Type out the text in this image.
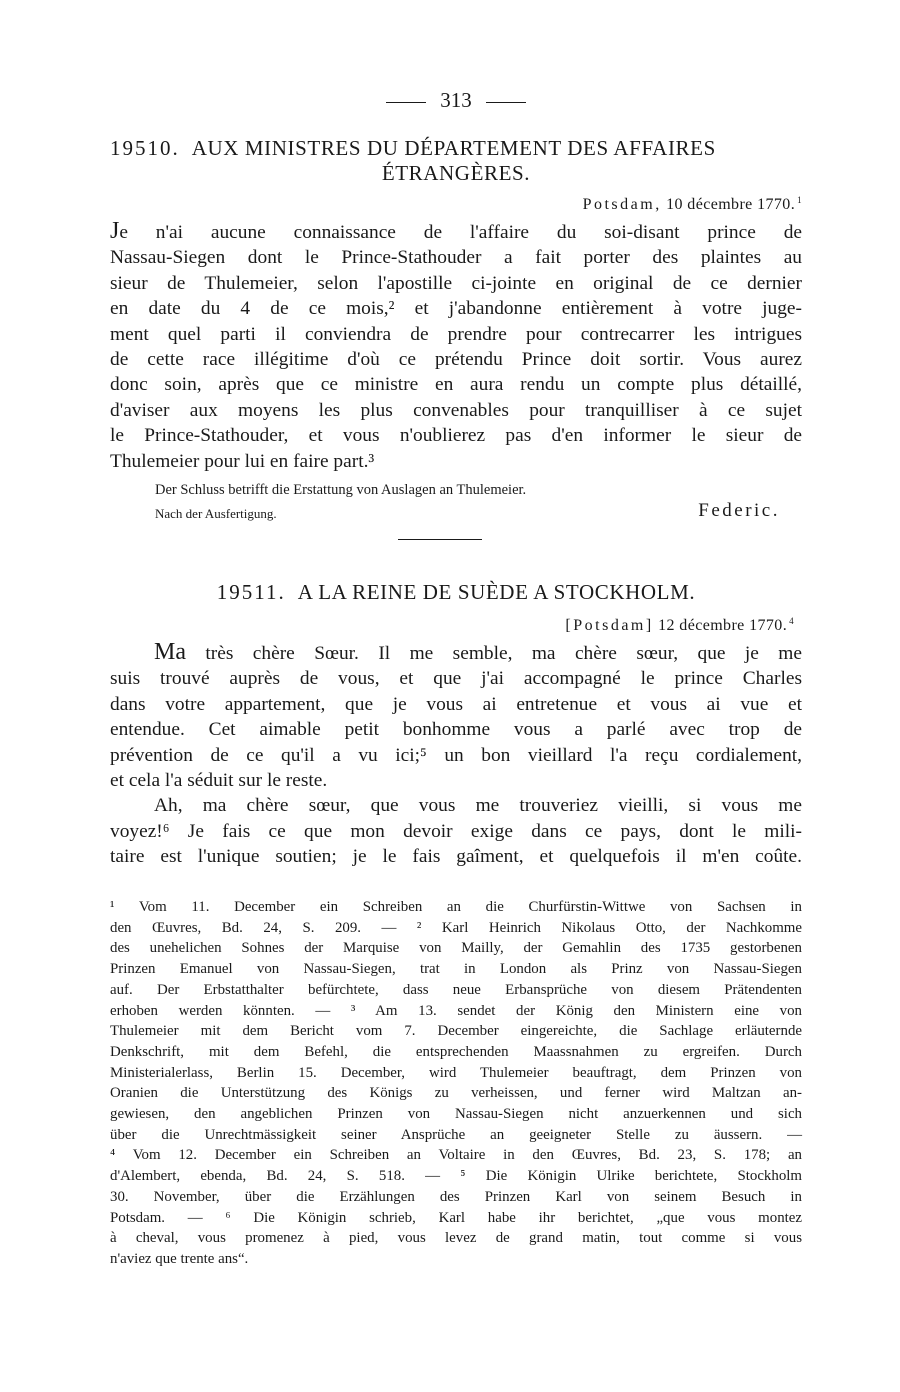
313
19510. AUX MINISTRES DU DÉPARTEMENT DES AFFAIRES
ÉTRANGÈRES.
Potsdam, 10 décembre 1770. $^1$
Je n'ai aucune connaissance de l'affaire du soi-disant prince de
Nassau-Siegen dont le Prince-Stathouder a fait porter des plaintes au
sieur de Thulemeier, selon l'apostille ci-jointe en original de ce dernier
en date du 4 de ce mois,² et j'abandonne entièrement à votre juge-
ment quel parti il conviendra de prendre pour contrecarrer les intrigues
de cette race illégitime d'où ce prétendu Prince doit sortir. Vous aurez
donc soin, après que ce ministre en aura rendu un compte plus détaillé,
d'aviser aux moyens les plus convenables pour tranquilliser à ce sujet
le Prince-Stathouder, et vous n'oublierez pas d'en informer le sieur de
Thulemeier pour lui en faire part.³
Der Schluss betrifft die Erstattung von Auslagen an Thulemeier.
Nach der Ausfertigung.	Federic.
19511. A LA REINE DE SUÈDE A STOCKHOLM.
[Potsdam] 12 décembre 1770. $^4$
Ma très chère Sœur. Il me semble, ma chère sœur, que je me
suis trouvé auprès de vous, et que j'ai accompagné le prince Charles
dans votre appartement, que je vous ai entretenue et vous ai vue et
entendue. Cet aimable petit bonhomme vous a parlé avec trop de
prévention de ce qu'il a vu ici;⁵ un bon vieillard l'a reçu cordialement,
et cela l'a séduit sur le reste.
Ah, ma chère sœur, que vous me trouveriez vieilli, si vous me
voyez!⁶ Je fais ce que mon devoir exige dans ce pays, dont le mili-
taire est l'unique soutien; je le fais gaîment, et quelquefois il m'en coûte.
¹ Vom 11. December ein Schreiben an die Churfürstin-Wittwe von Sachsen in
den Œuvres, Bd. 24, S. 209. — ² Karl Heinrich Nikolaus Otto, der Nachkomme
des unehelichen Sohnes der Marquise von Mailly, der Gemahlin des 1735 gestorbenen
Prinzen Emanuel von Nassau-Siegen, trat in London als Prinz von Nassau-Siegen
auf. Der Erbstatthalter befürchtete, dass neue Erbansprüche von diesem Prätendenten
erhoben werden könnten. — ³ Am 13. sendet der König den Ministern eine von
Thulemeier mit dem Bericht vom 7. December eingereichte, die Sachlage erläuternde
Denkschrift, mit dem Befehl, die entsprechenden Maassnahmen zu ergreifen. Durch
Ministerialerlass, Berlin 15. December, wird Thulemeier beauftragt, dem Prinzen von
Oranien die Unterstützung des Königs zu verheissen, und ferner wird Maltzan an-
gewiesen, den angeblichen Prinzen von Nassau-Siegen nicht anzuerkennen und sich
über die Unrechtmässigkeit seiner Ansprüche an geeigneter Stelle zu äussern. —
⁴ Vom 12. December ein Schreiben an Voltaire in den Œuvres, Bd. 23, S. 178; an
d'Alembert, ebenda, Bd. 24, S. 518. — ⁵ Die Königin Ulrike berichtete, Stockholm
30. November, über die Erzählungen des Prinzen Karl von seinem Besuch in
Potsdam. — ⁶ Die Königin schrieb, Karl habe ihr berichtet, „que vous montez
à cheval, vous promenez à pied, vous levez de grand matin, tout comme si vous
n'aviez que trente ans“.
